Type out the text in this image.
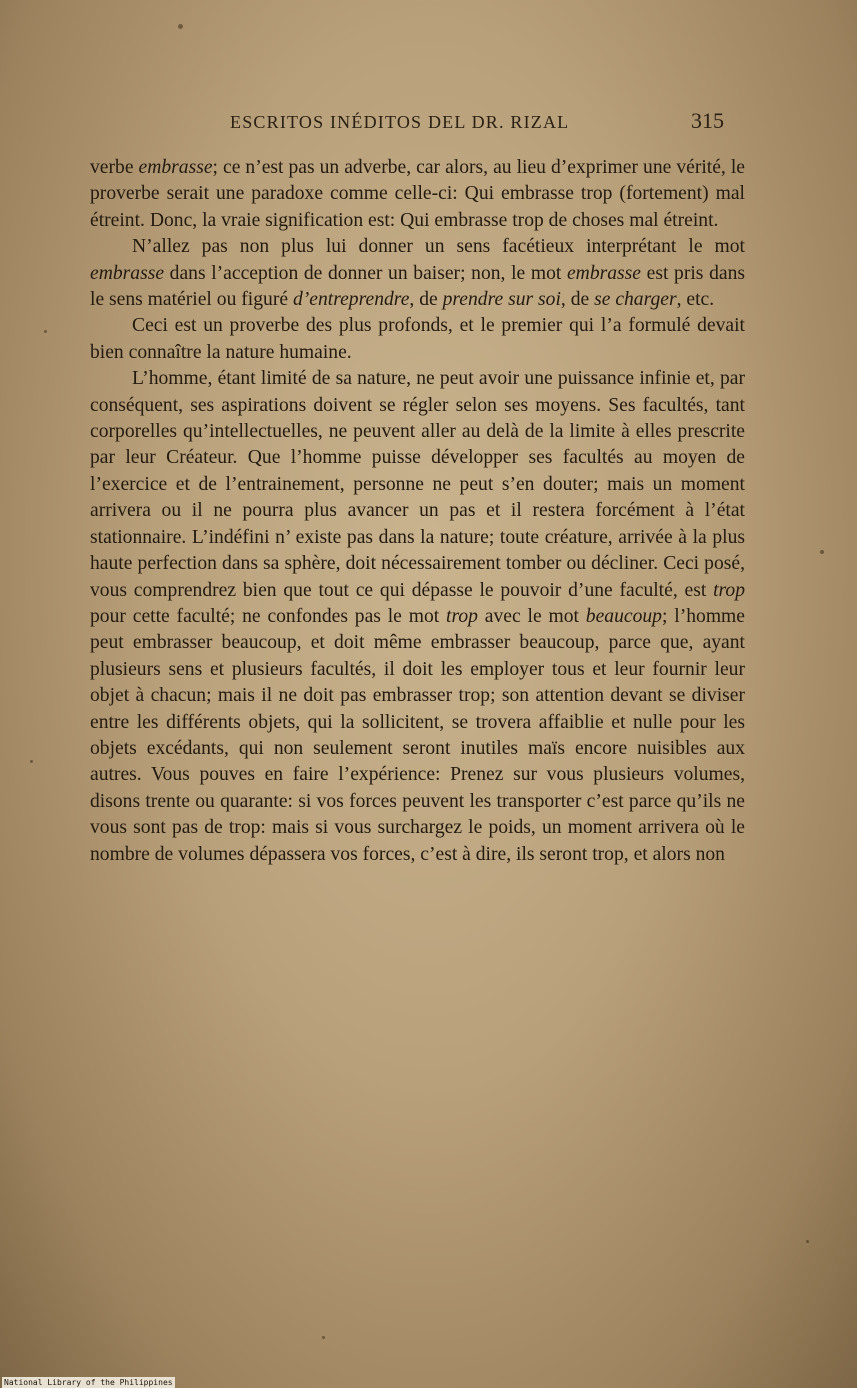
ESCRITOS INÉDITOS DEL DR. RIZAL	315

verbe embrasse; ce n’est pas un adverbe, car alors, au lieu d’exprimer une vérité, le proverbe serait une paradoxe comme celle-ci: Qui embrasse trop (fortement) mal étreint. Donc, la vraie signification est: Qui embrasse trop de choses mal étreint.

N’allez pas non plus lui donner un sens facétieux interprétant le mot embrasse dans l’acception de donner un baiser; non, le mot embrasse est pris dans le sens matériel ou figuré d’entreprendre, de prendre sur soi, de se charger, etc.

Ceci est un proverbe des plus profonds, et le premier qui l’a formulé devait bien connaître la nature humaine.

L’homme, étant limité de sa nature, ne peut avoir une puissance infinie et, par conséquent, ses aspirations doivent se régler selon ses moyens. Ses facultés, tant corporelles qu’intellectuelles, ne peuvent aller au delà de la limite à elles prescrite par leur Créateur. Que l’homme puisse développer ses facultés au moyen de l’exercice et de l’entrainement, personne ne peut s’en douter; mais un moment arrivera ou il ne pourra plus avancer un pas et il restera forcément à l’état stationnaire. L’indéfini n’ existe pas dans la nature; toute créature, arrivée à la plus haute perfection dans sa sphère, doit nécessairement tomber ou décliner. Ceci posé, vous comprendrez bien que tout ce qui dépasse le pouvoir d’une faculté, est trop pour cette faculté; ne confondes pas le mot trop avec le mot beaucoup; l’homme peut embrasser beaucoup, et doit même embrasser beaucoup, parce que, ayant plusieurs sens et plusieurs facultés, il doit les employer tous et leur fournir leur objet à chacun; mais il ne doit pas embrasser trop; son attention devant se diviser entre les différents objets, qui la sollicitent, se trovera affaiblie et nulle pour les objets excédants, qui non seulement seront inutiles maïs encore nuisibles aux autres. Vous pouves en faire l’expérience: Prenez sur vous plusieurs volumes, disons trente ou quarante: si vos forces peuvent les transporter c’est parce qu’ils ne vous sont pas de trop: mais si vous surchargez le poids, un moment arrivera où le nombre de volumes dépassera vos forces, c’est à dire, ils seront trop, et alors non

National Library of the Philippines
